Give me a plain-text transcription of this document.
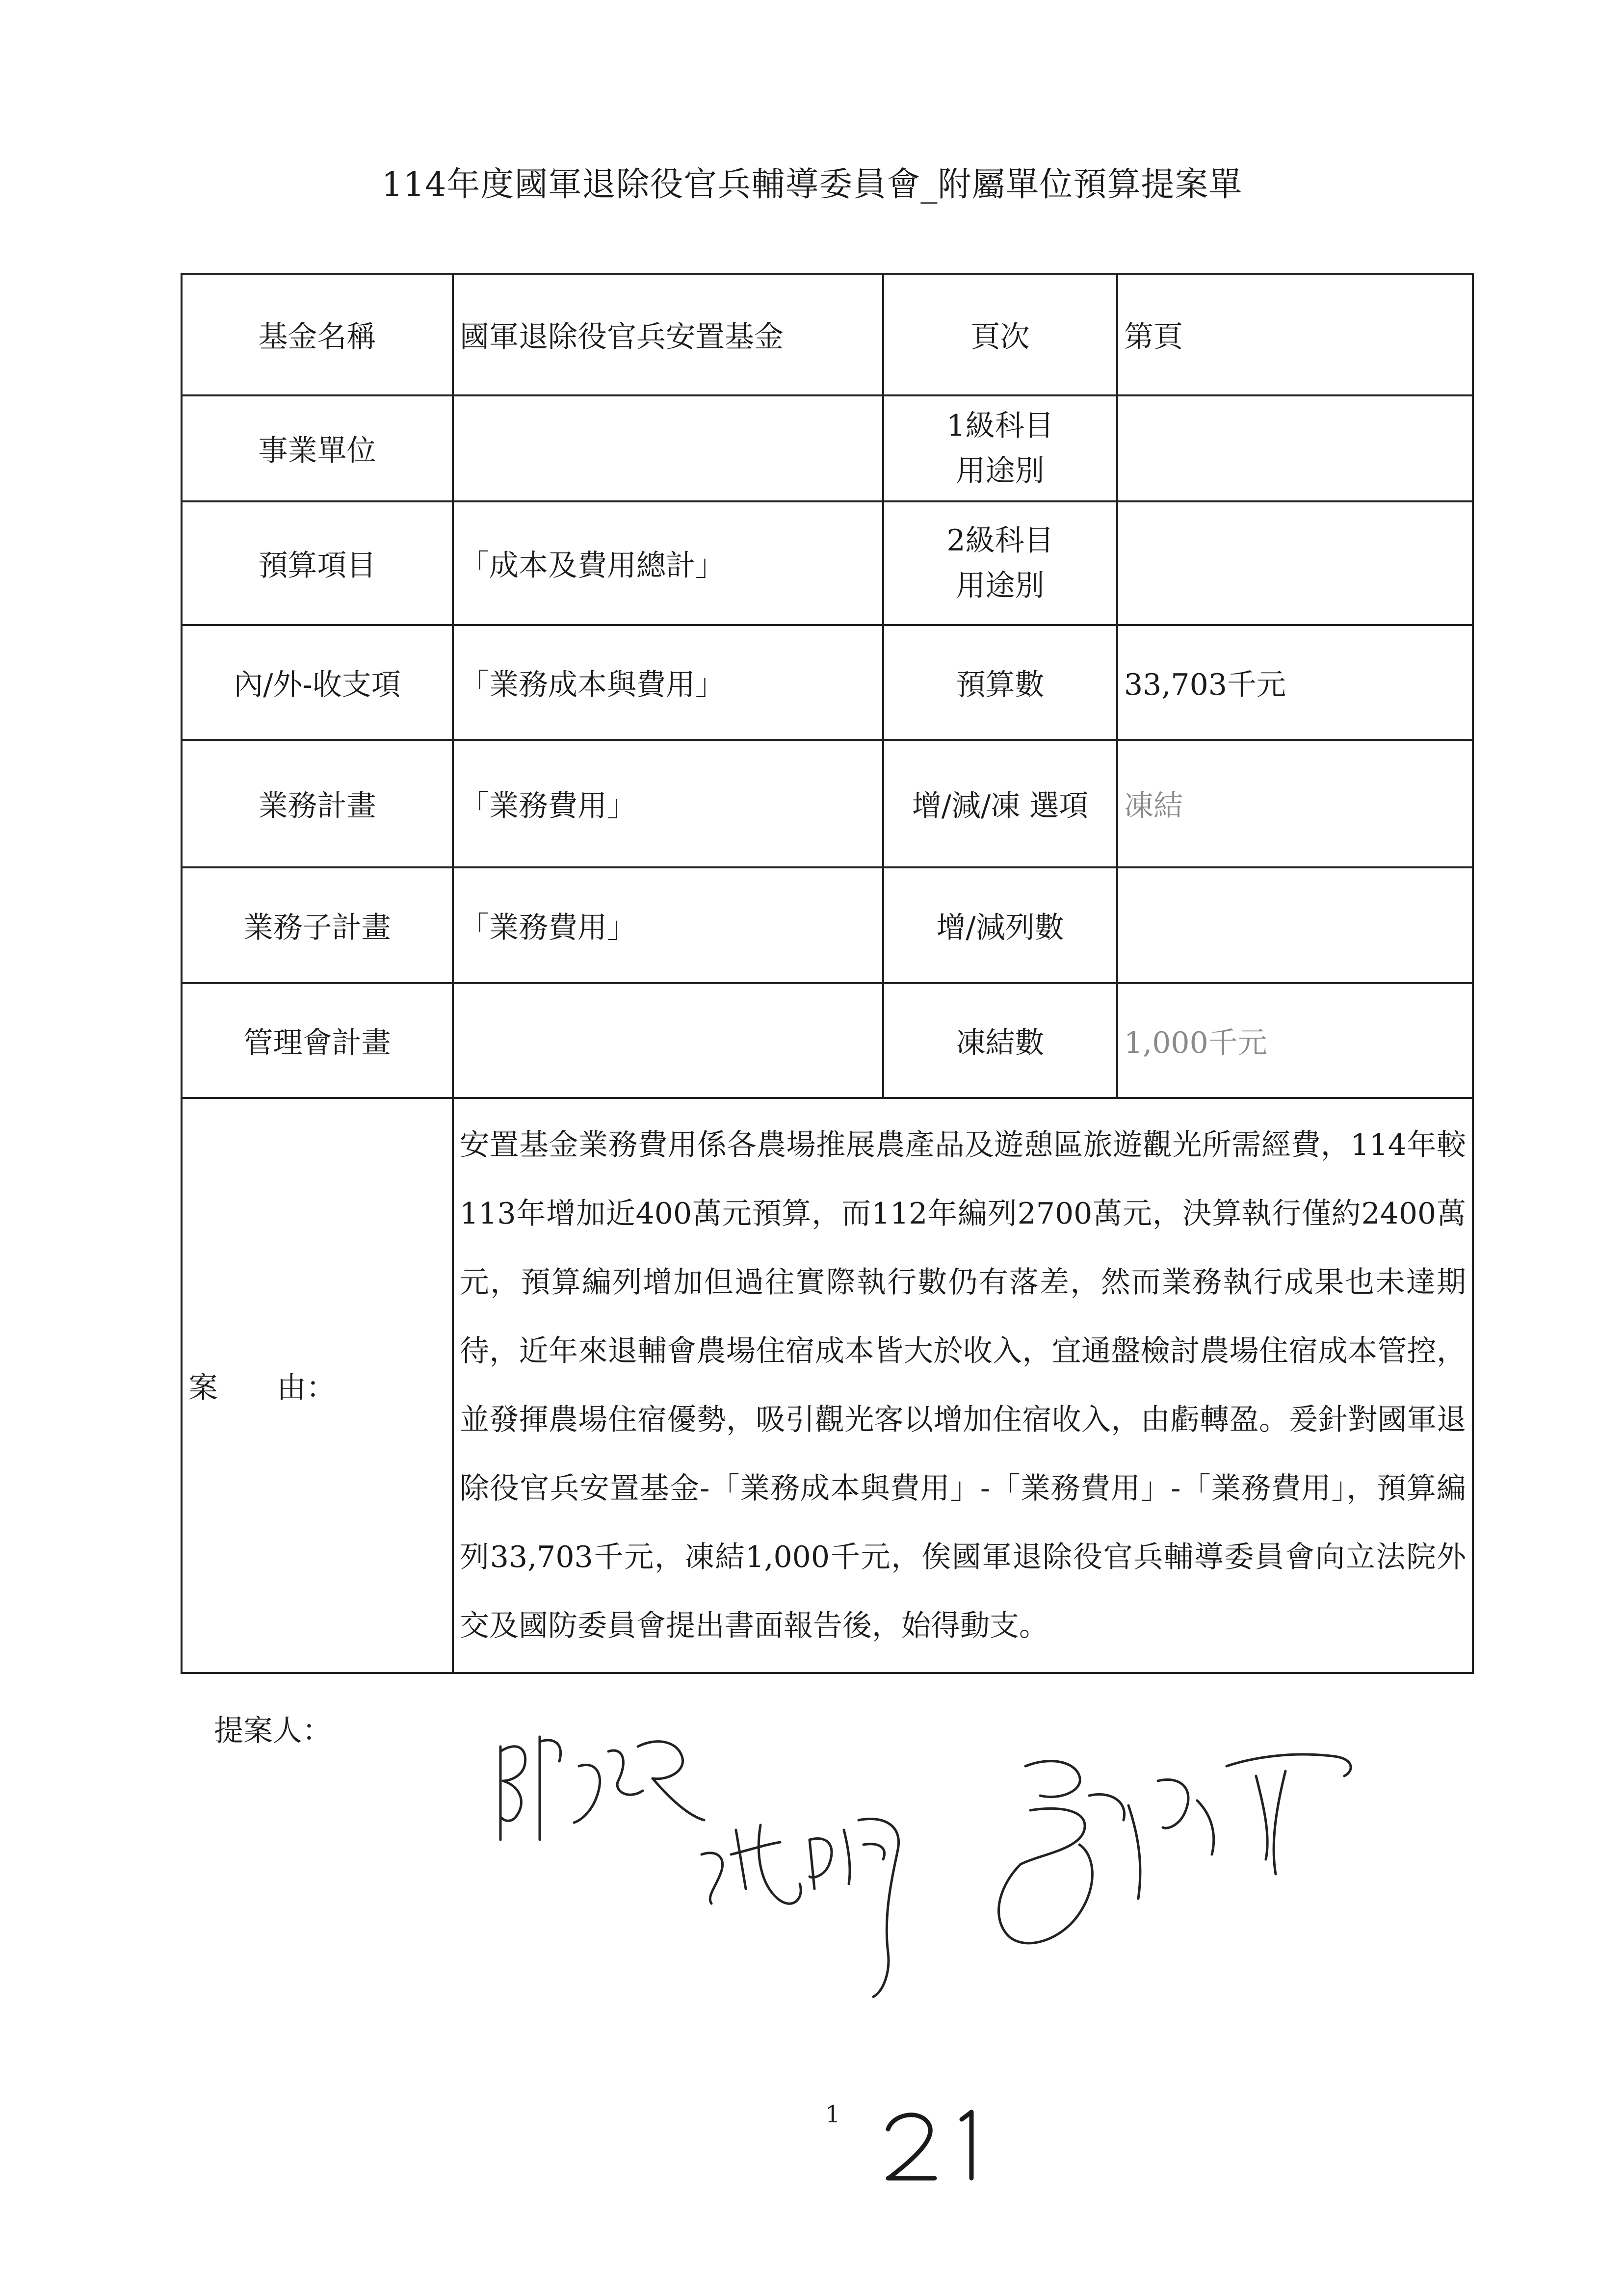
114年度國軍退除役官兵輔導委員會_附屬單位預算提案單
基金名稱	國軍退除役官兵安置基金	頁次	第頁
事業單位		1級科目
用途別	

預算項目	「成本及費用總計」	2級科目
用途別	

內/外-收支項	「業務成本與費用」	預算數	33,703千元
業務計畫	「業務費用」	增/減/凍 選項	凍結
業務子計畫	「業務費用」	增/減列數	
管理會計畫		凍結數	1,000千元
案　　由：	安置基金業務費用係各農場推展農產品及遊憩區旅遊觀光所需經費，114年較113年增加近400萬元預算，而112年編列2700萬元，決算執行僅約2400萬元，預算編列增加但過往實際執行數仍有落差，然而業務執行成果也未達期待，近年來退輔會農場住宿成本皆大於收入，宜通盤檢討農場住宿成本管控，並發揮農場住宿優勢，吸引觀光客以增加住宿收入，由虧轉盈。爰針對國軍退除役官兵安置基金-「業務成本與費用」-「業務費用」-「業務費用」，預算編列33,703千元，凍結1,000千元，俟國軍退除役官兵輔導委員會向立法院外交及國防委員會提出書面報告後，始得動支。		
提案人：
1
